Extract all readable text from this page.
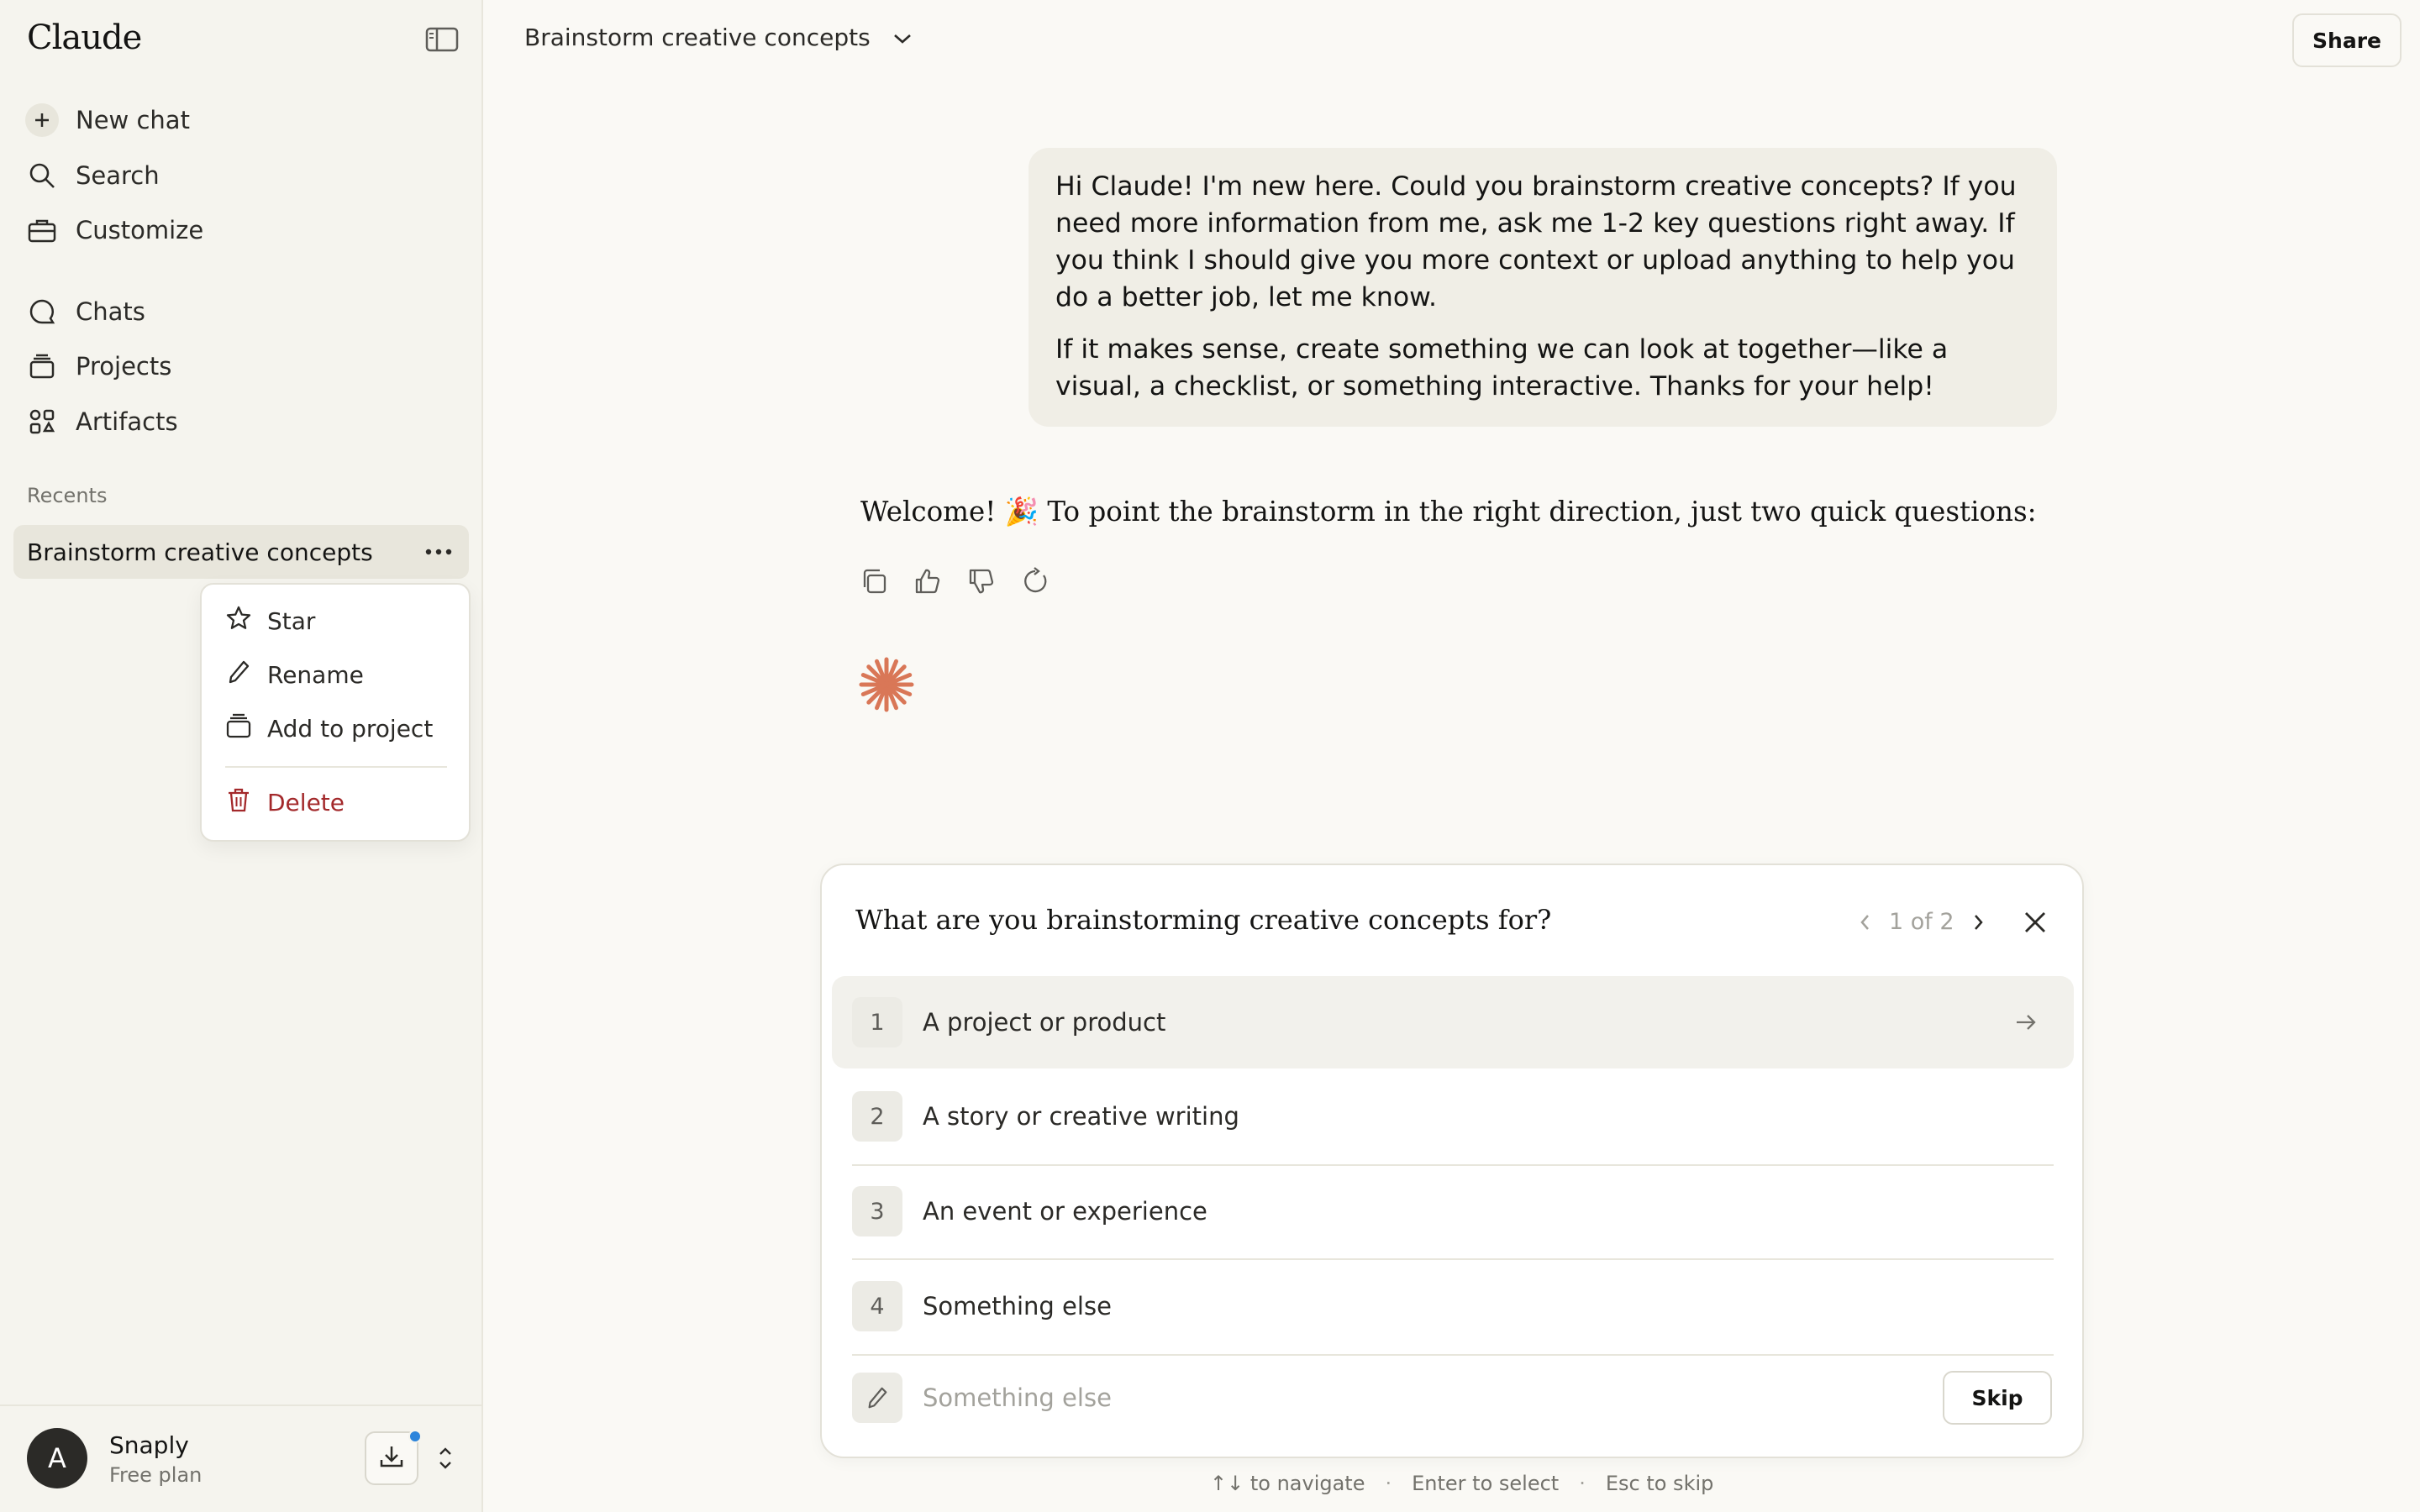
Claude
New chat
Search
Customize
Chats
Projects
Artifacts
Recents
Brainstorm creative concepts
Star
Rename
Add to project
Delete
A	Snaply
Free plan
Brainstorm creative concepts	Share

Hi Claude! I'm new here. Could you brainstorm creative concepts? If you need more information from me, ask me 1-2 key questions right away. If you think I should give you more context or upload anything to help you do a better job, let me know.

If it makes sense, create something we can look at together—like a visual, a checklist, or something interactive. Thanks for your help!

Welcome! 🎉 To point the brainstorm in the right direction, just two quick questions:
What are you brainstorming creative concepts for?	1 of 2
1	A project or product
2	A story or creative writing
3	An event or experience
4	Something else
Something else
Skip
↑↓ to navigate · Enter to select · Esc to skip
